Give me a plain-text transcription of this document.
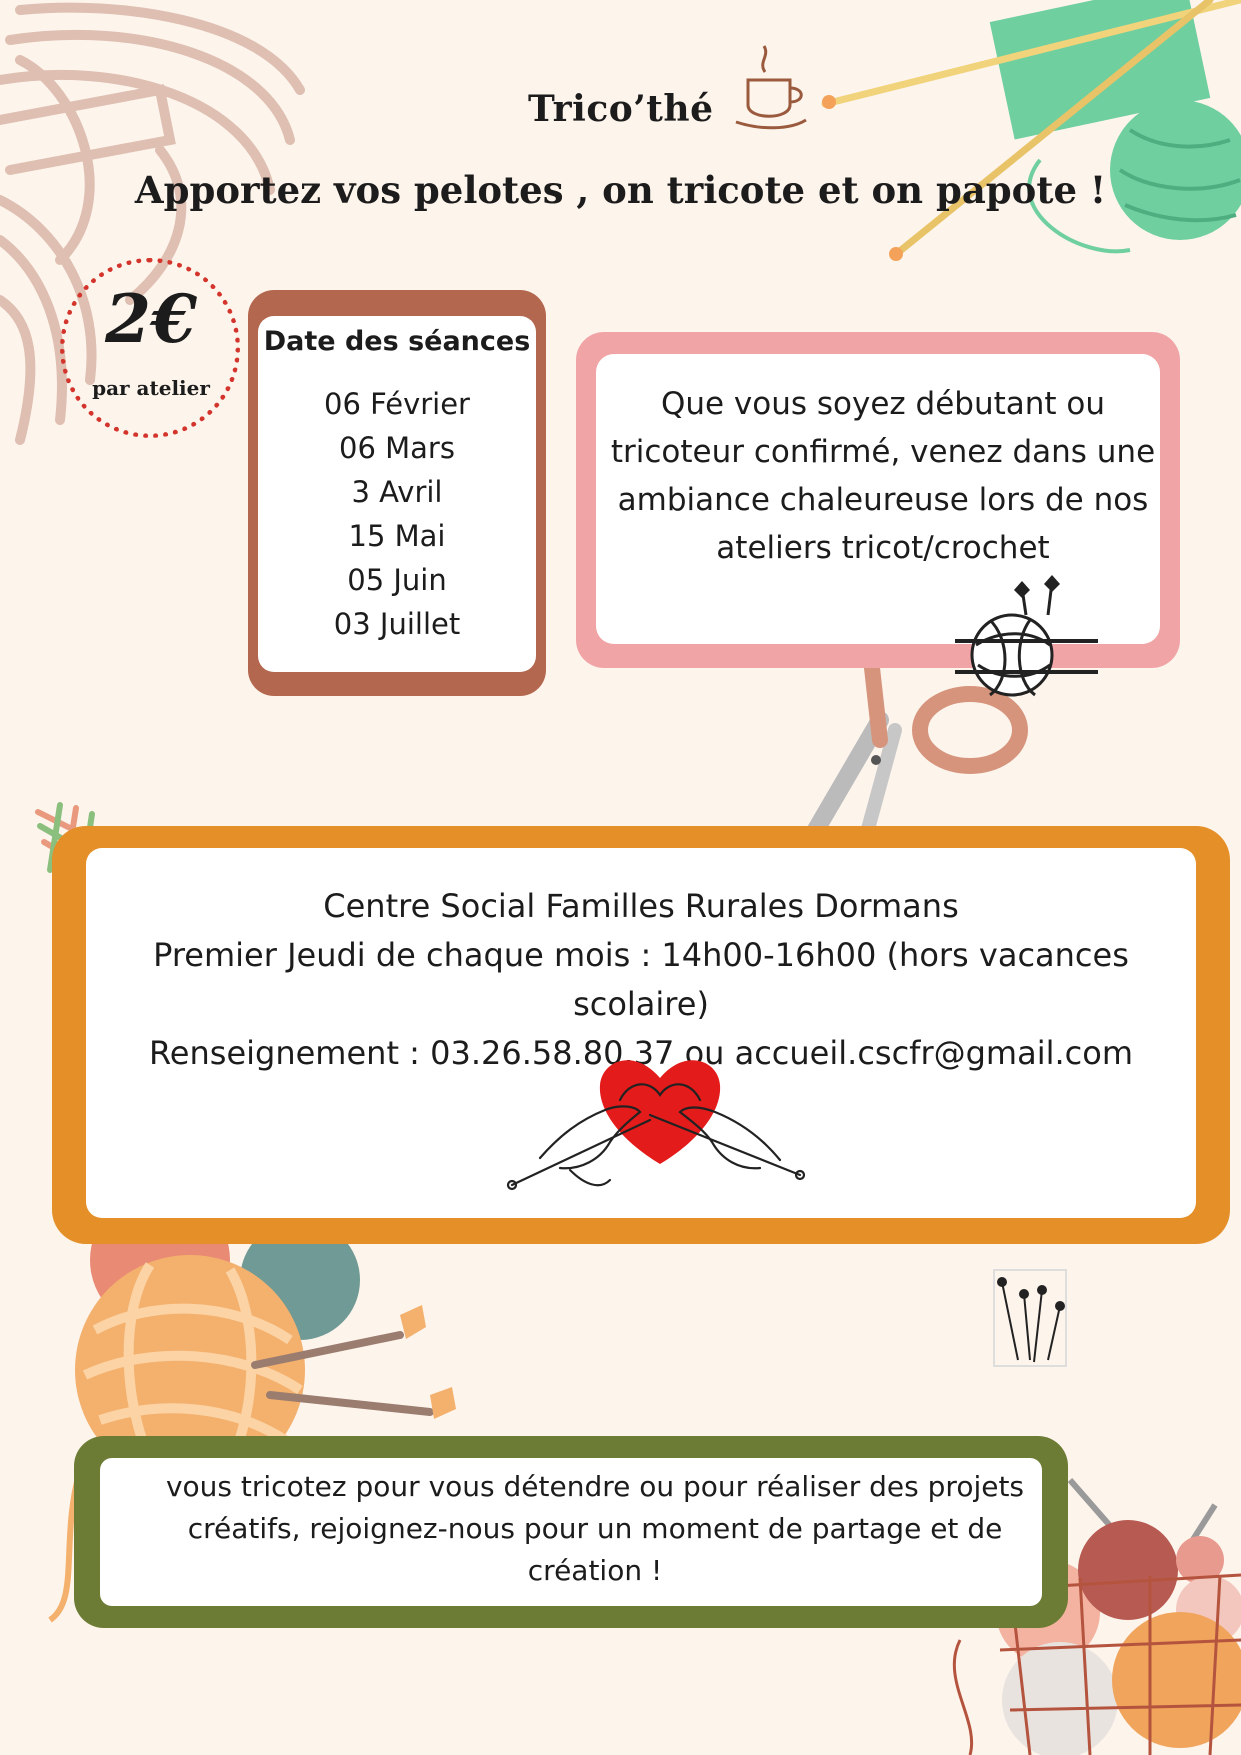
Trico’thé
Apportez vos pelotes , on tricote et on papote !
2€
par atelier
Date des séances
06 Février
06 Mars
3 Avril
15 Mai
05 Juin
03 Juillet
Que vous soyez débutant ou
tricoteur confirmé, venez dans une
ambiance chaleureuse lors de nos
ateliers tricot/crochet
Centre Social Familles Rurales Dormans
Premier Jeudi de chaque mois : 14h00-16h00 (hors vacances scolaire)
Renseignement : 03.26.58.80.37 ou accueil.cscfr@gmail.com
vous tricotez pour vous détendre ou pour réaliser des projets
créatifs, rejoignez-nous pour un moment de partage et de
création !
